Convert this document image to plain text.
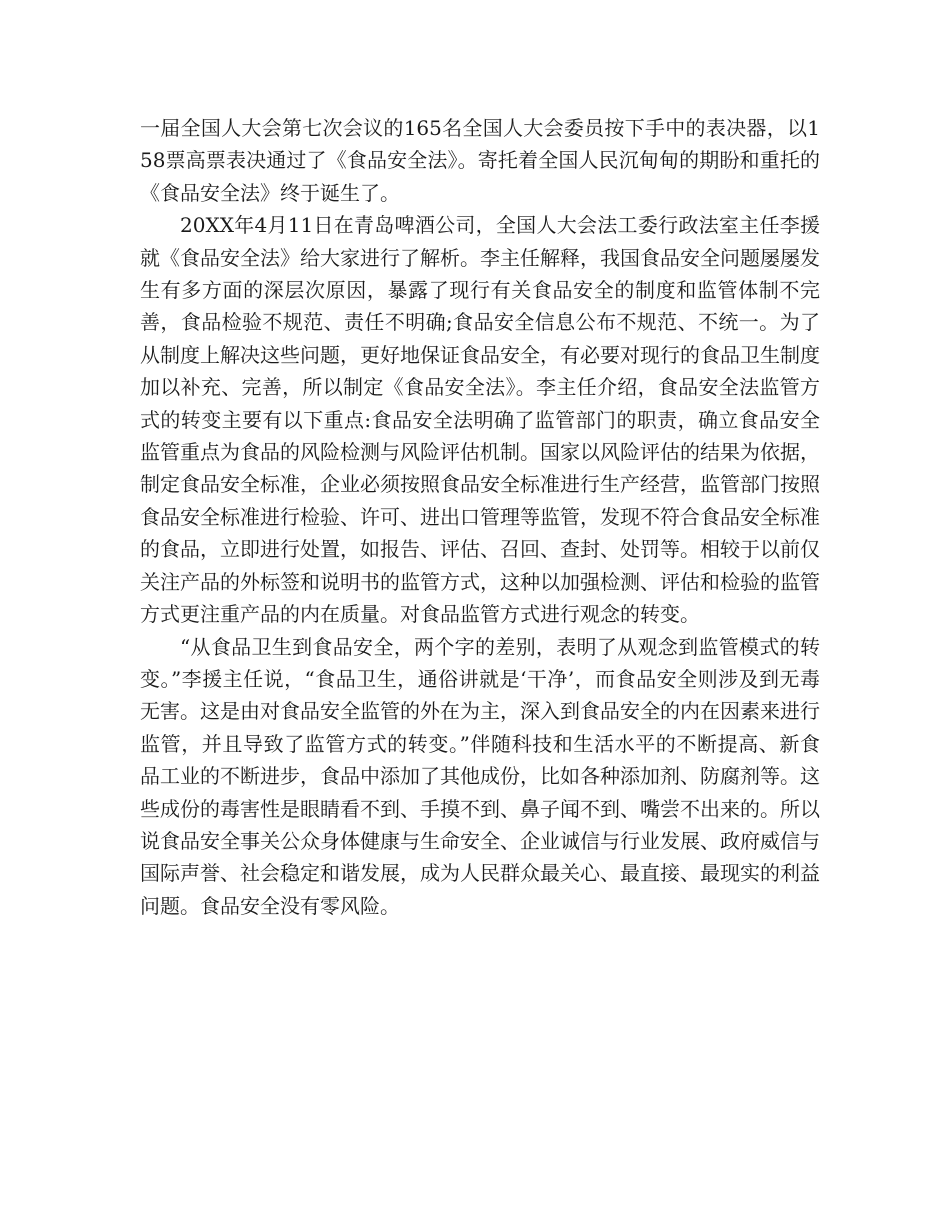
一届全国人大会第七次会议的165名全国人大会委员按下手中的表决器，以158票高票表决通过了《食品安全法》。寄托着全国人民沉甸甸的期盼和重托的《食品安全法》终于诞生了。

20XX年4月11日在青岛啤酒公司，全国人大会法工委行政法室主任李援就《食品安全法》给大家进行了解析。李主任解释，我国食品安全问题屡屡发生有多方面的深层次原因，暴露了现行有关食品安全的制度和监管体制不完善，食品检验不规范、责任不明确;食品安全信息公布不规范、不统一。为了从制度上解决这些问题，更好地保证食品安全，有必要对现行的食品卫生制度加以补充、完善，所以制定《食品安全法》。李主任介绍，食品安全法监管方式的转变主要有以下重点:食品安全法明确了监管部门的职责，确立食品安全监管重点为食品的风险检测与风险评估机制。国家以风险评估的结果为依据，制定食品安全标准，企业必须按照食品安全标准进行生产经营，监管部门按照食品安全标准进行检验、许可、进出口管理等监管，发现不符合食品安全标准的食品，立即进行处置，如报告、评估、召回、查封、处罚等。相较于以前仅关注产品的外标签和说明书的监管方式，这种以加强检测、评估和检验的监管方式更注重产品的内在质量。对食品监管方式进行观念的转变。

“从食品卫生到食品安全，两个字的差别，表明了从观念到监管模式的转变。”李援主任说，“食品卫生，通俗讲就是‘干净’，而食品安全则涉及到无毒无害。这是由对食品安全监管的外在为主，深入到食品安全的内在因素来进行监管，并且导致了监管方式的转变。”伴随科技和生活水平的不断提高、新食品工业的不断进步，食品中添加了其他成份，比如各种添加剂、防腐剂等。这些成份的毒害性是眼睛看不到、手摸不到、鼻子闻不到、嘴尝不出来的。所以说食品安全事关公众身体健康与生命安全、企业诚信与行业发展、政府威信与国际声誉、社会稳定和谐发展，成为人民群众最关心、最直接、最现实的利益问题。食品安全没有零风险。
